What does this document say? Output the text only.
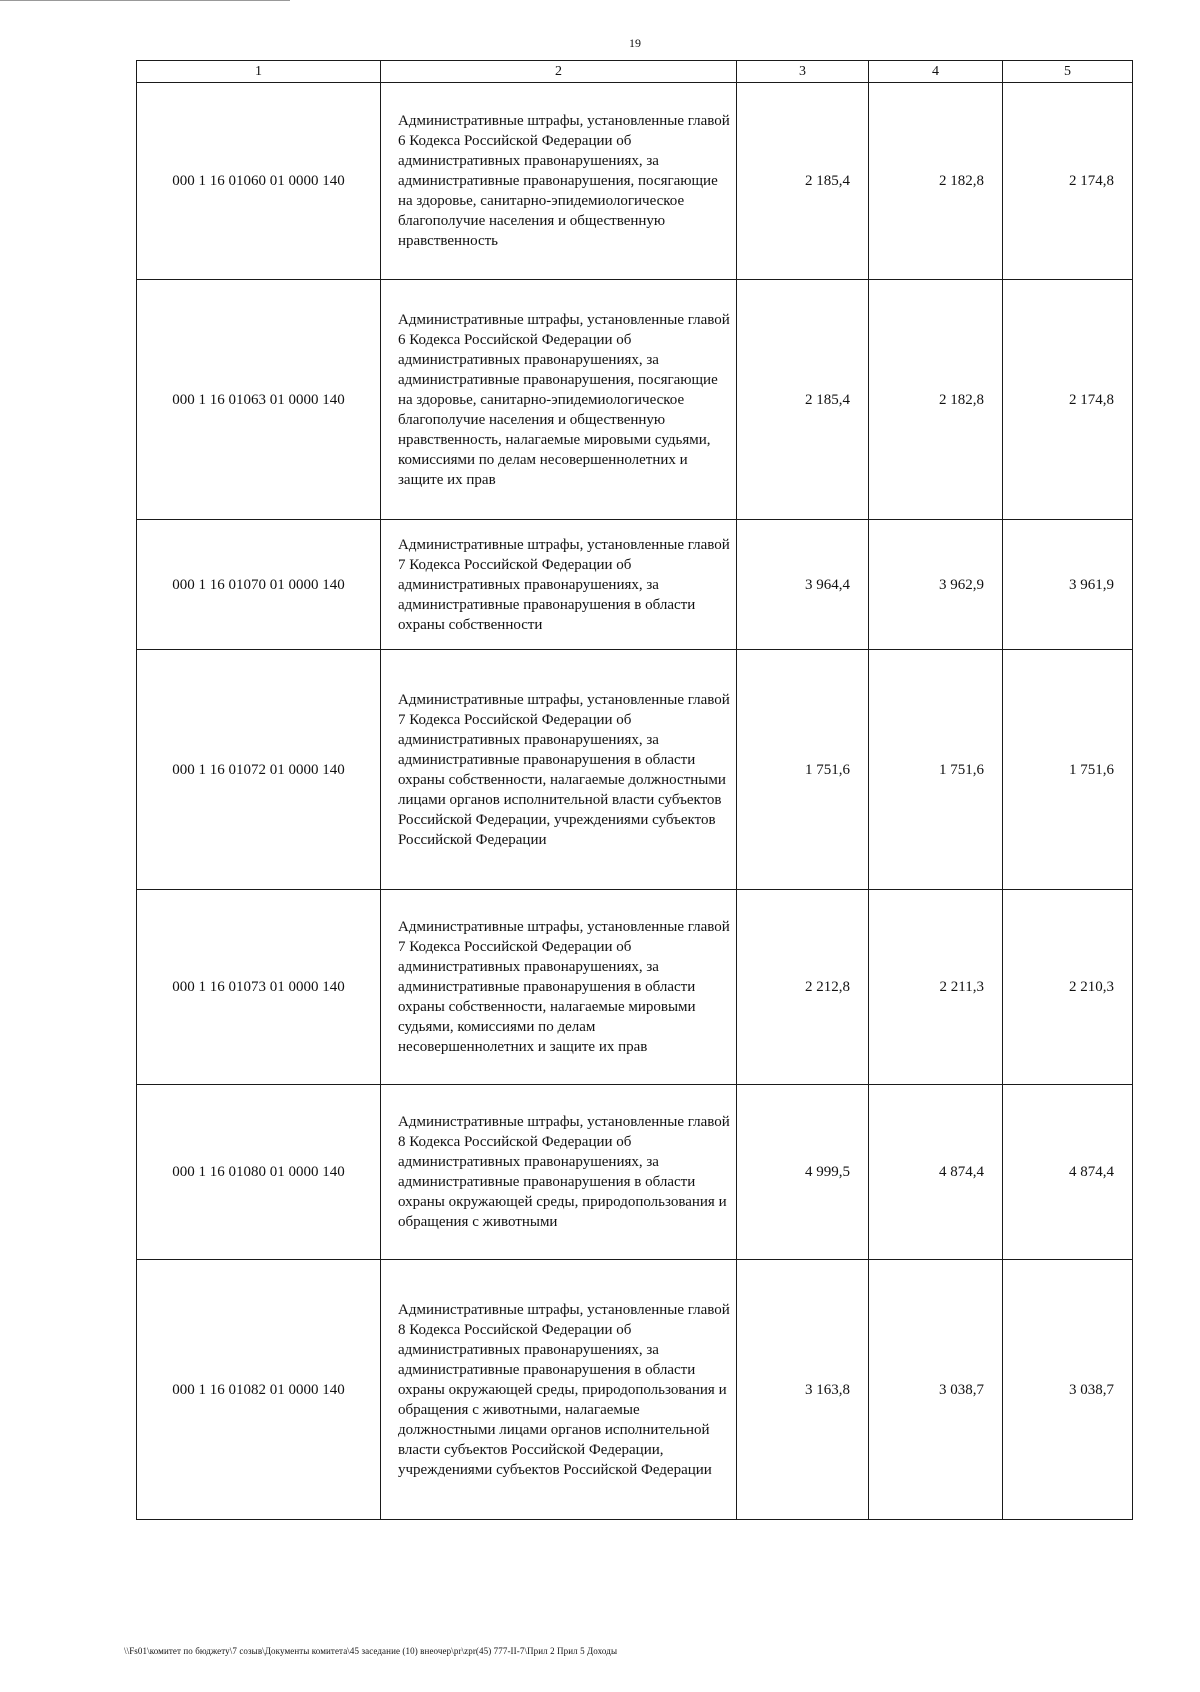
19
1	2	3	4	5
000 1 16 01060 01 0000 140	Административные штрафы, установленные главой 6 Кодекса Российской Федерации об административных правонарушениях, за административные правонарушения, посягающие на здоровье, санитарно-эпидемиологическое благополучие населения и общественную нравственность	2 185,4	2 182,8	2 174,8
000 1 16 01063 01 0000 140	Административные штрафы, установленные главой 6 Кодекса Российской Федерации об административных правонарушениях, за административные правонарушения, посягающие на здоровье, санитарно-эпидемиологическое благополучие населения и общественную нравственность, налагаемые мировыми судьями, комиссиями по делам несовершеннолетних и защите их прав	2 185,4	2 182,8	2 174,8
000 1 16 01070 01 0000 140	Административные штрафы, установленные главой 7 Кодекса Российской Федерации об административных правонарушениях, за административные правонарушения в области охраны собственности	3 964,4	3 962,9	3 961,9
000 1 16 01072 01 0000 140	Административные штрафы, установленные главой 7 Кодекса Российской Федерации об административных правонарушениях, за административные правонарушения в области охраны собственности, налагаемые должностными лицами органов исполнительной власти субъектов Российской Федерации, учреждениями субъектов Российской Федерации	1 751,6	1 751,6	1 751,6
000 1 16 01073 01 0000 140	Административные штрафы, установленные главой 7 Кодекса Российской Федерации об административных правонарушениях, за административные правонарушения в области охраны собственности, налагаемые мировыми судьями, комиссиями по делам несовершеннолетних и защите их прав	2 212,8	2 211,3	2 210,3
000 1 16 01080 01 0000 140	Административные штрафы, установленные главой 8 Кодекса Российской Федерации об административных правонарушениях, за административные правонарушения в области охраны окружающей среды, природопользования и обращения с животными	4 999,5	4 874,4	4 874,4
000 1 16 01082 01 0000 140	Административные штрафы, установленные главой 8 Кодекса Российской Федерации об административных правонарушениях, за административные правонарушения в области охраны окружающей среды, природопользования и обращения с животными, налагаемые должностными лицами органов исполнительной власти субъектов Российской Федерации, учреждениями субъектов Российской Федерации	3 163,8	3 038,7	3 038,7
\\Fs01\комитет по бюджету\7 созыв\Документы комитета\45 заседание (10) внеочер\pr\zpr(45) 777-II-7\Прил 2 Прил 5 Доходы
